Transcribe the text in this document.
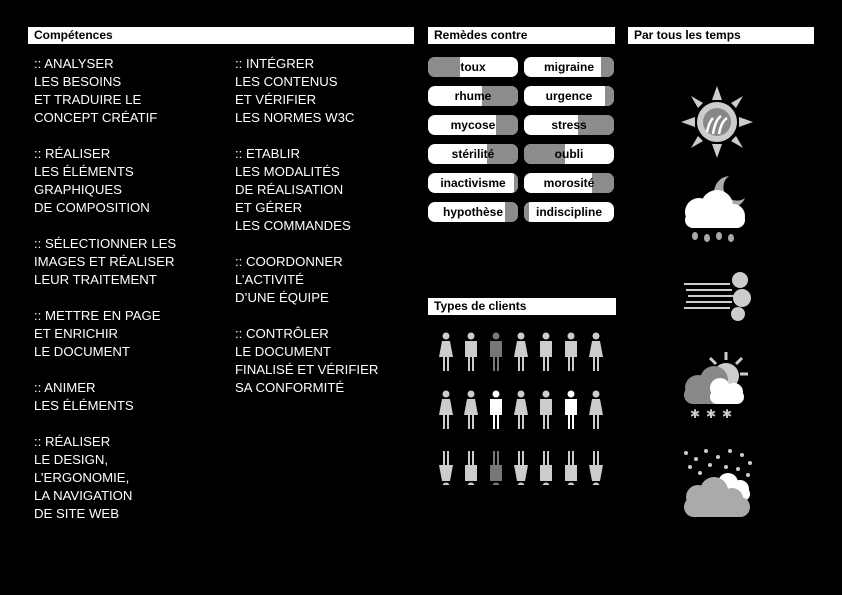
Compétences	Remèdes contre	Par tous les temps
Types de clients
:: ANALYSER
LES BESOINS
ET TRADUIRE LE
CONCEPT CRÉATIF
:: RÉALISER
LES ÉLÉMENTS
GRAPHIQUES
DE COMPOSITION
:: SÉLECTIONNER LES
IMAGES ET RÉALISER
LEUR TRAITEMENT
:: METTRE EN PAGE
ET ENRICHIR
LE DOCUMENT
:: ANIMER
LES ÉLÉMENTS
:: RÉALISER
LE DESIGN,
L’ERGONOMIE,
LA NAVIGATION
DE SITE WEB
:: INTÉGRER
LES CONTENUS
ET VÉRIFIER
LES NORMES W3C
:: ETABLIR
LES MODALITÉS
DE RÉALISATION
ET GÉRER
LES COMMANDES
:: COORDONNER
L’ACTIVITÉ
D’UNE ÉQUIPE
:: CONTRÔLER
LE DOCUMENT
FINALISÉ ET VÉRIFIER
SA CONFORMITÉ
toux	migraine
rhume	urgence
mycose	stress
stérilité	oubli
inactivisme	morosité
hypothèse	indiscipline
✱ ✱ ✱
